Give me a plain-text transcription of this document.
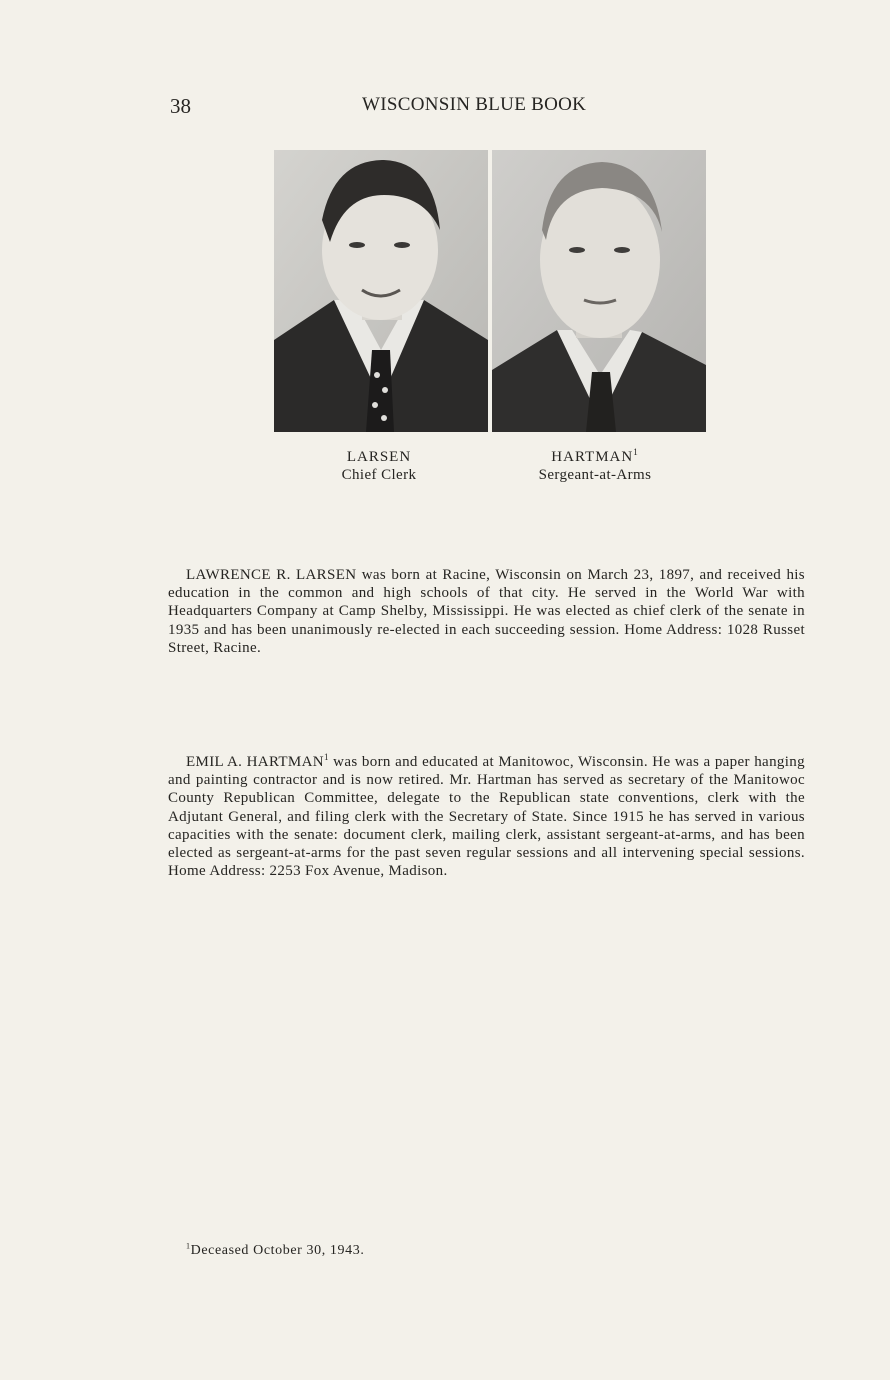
38	WISCONSIN BLUE BOOK
LARSEN
Chief Clerk
HARTMAN$^1$
Sergeant-at-Arms

LAWRENCE R. LARSEN was born at Racine, Wisconsin on March 23, 1897, and received his education in the common and high schools of that city. He served in the World War with Headquarters Company at Camp Shelby, Mississippi. He was elected as chief clerk of the senate in 1935 and has been unanimously re-elected in each succeeding session. Home Address: 1028 Russet Street, Racine.

EMIL A. HARTMAN$^1$ was born and educated at Manitowoc, Wisconsin. He was a paper hanging and painting contractor and is now retired. Mr. Hartman has served as secretary of the Manitowoc County Republican Committee, delegate to the Republican state conventions, clerk with the Adjutant General, and filing clerk with the Secretary of State. Since 1915 he has served in various capacities with the senate: document clerk, mailing clerk, assistant sergeant-at-arms, and has been elected as sergeant-at-arms for the past seven regular sessions and all intervening special sessions. Home Address: 2253 Fox Avenue, Madison.

$^1$Deceased October 30, 1943.
